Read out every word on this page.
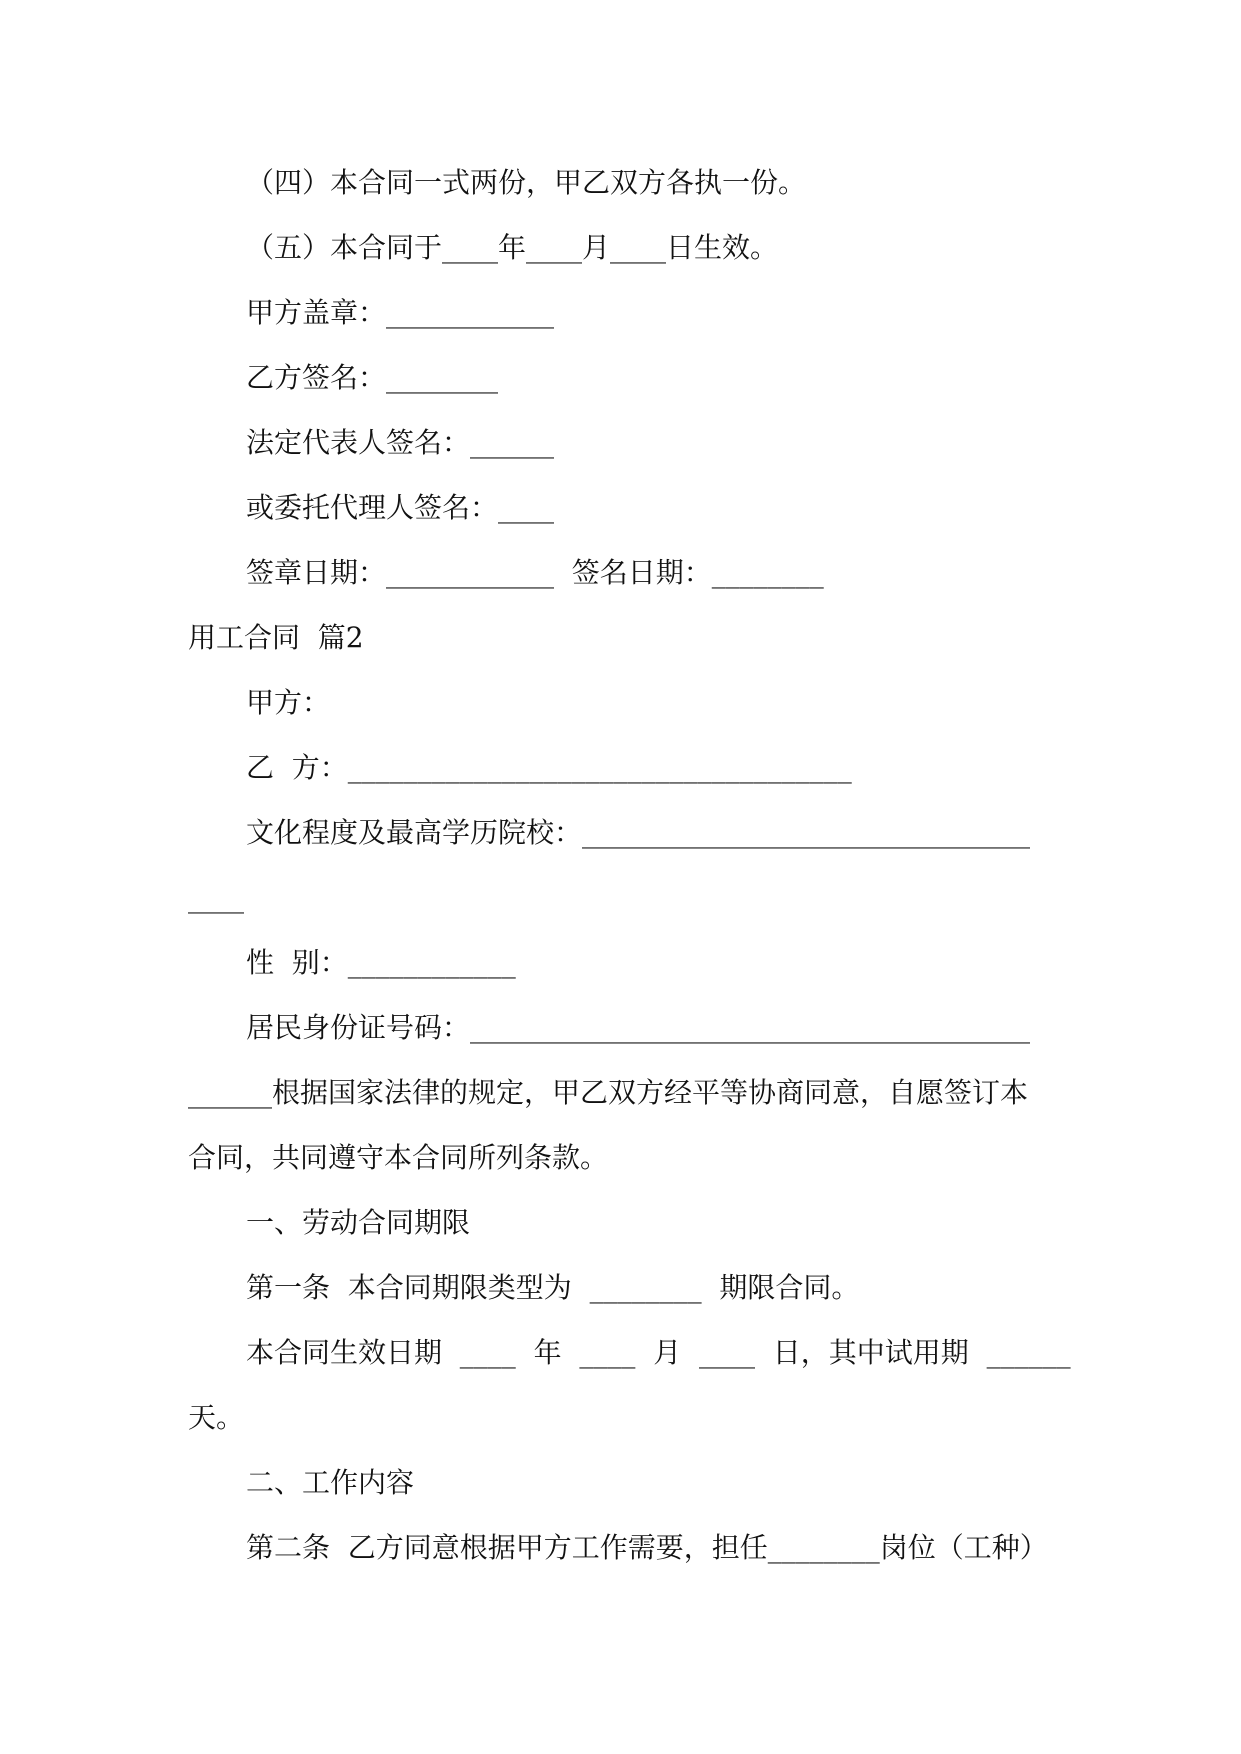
（四）本合同一式两份，甲乙双方各执一份。
（五）本合同于____年____月____日生效。
甲方盖章：____________
乙方签名：________
法定代表人签名：______
或委托代理人签名：____
签章日期：____________  签名日期：________
用工合同  篇2
甲方：
乙  方：____________________________________
文化程度及最高学历院校：________________________________
____
性  别：____________
居民身份证号码：________________________________________
______根据国家法律的规定，甲乙双方经平等协商同意，自愿签订本
合同，共同遵守本合同所列条款。
一、劳动合同期限
第一条  本合同期限类型为  ________  期限合同。
本合同生效日期  ____  年  ____  月  ____  日，其中试用期  ______
天。
二、工作内容
第二条  乙方同意根据甲方工作需要，担任________岗位（工种）
